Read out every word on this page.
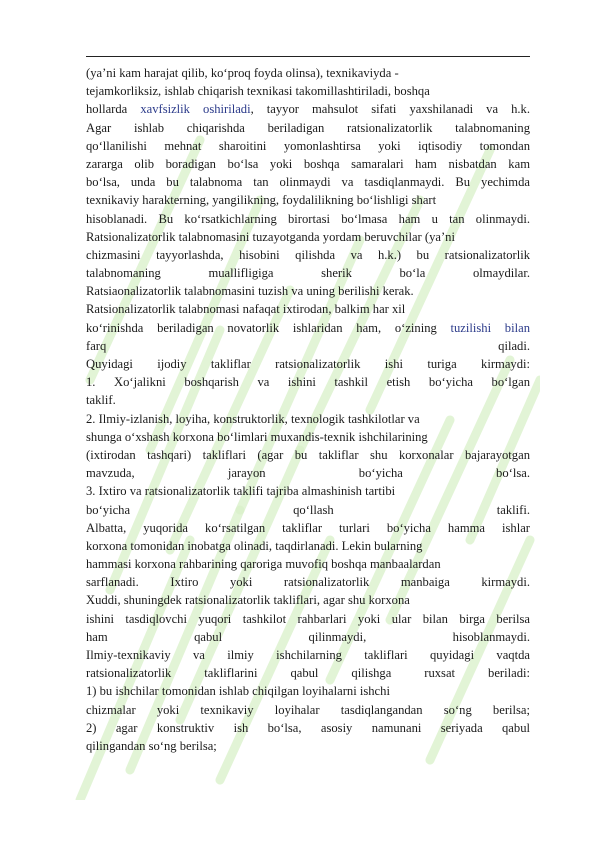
(ya’ni kam harajat qilib, ko‘proq foyda olinsa), texnikaviyda -
tejamkorliksiz, ishlab chiqarish texnikasi takomillashtiriladi, boshqa
hollarda xavfsizlik oshiriladi, tayyor mahsulot sifati yaxshilanadi va h.k.
Agar ishlab chiqarishda beriladigan ratsionalizatorlik talabnomaning
qo‘llanilishi mehnat sharoitini yomonlashtirsa yoki iqtisodiy tomondan
zararga olib boradigan bo‘lsa yoki boshqa samaralari ham nisbatdan kam
bo‘lsa, unda bu talabnoma tan olinmaydi va tasdiqlanmaydi. Bu yechimda
texnikaviy harakterning, yangilikning, foydalilikning bo‘lishligi shart
hisoblanadi. Bu ko‘rsatkichlarning birortasi bo‘lmasa ham u tan olinmaydi.
Ratsionalizatorlik talabnomasini tuzayotganda yordam beruvchilar (ya’ni
chizmasini tayyorlashda, hisobini qilishda va h.k.) bu ratsionalizatorlik
talabnomaning muallifligiga sherik bo‘la olmaydilar.
Ratsiaonalizatorlik talabnomasini tuzish va uning berilishi kerak.
Ratsionalizatorlik talabnomasi nafaqat ixtirodan, balkim har xil
ko‘rinishda beriladigan novatorlik ishlaridan ham, o‘zining tuzilishi bilan
farq qiladi.
Quyidagi ijodiy takliflar ratsionalizatorlik ishi turiga kirmaydi:
1. Xo‘jalikni boshqarish va ishini tashkil etish bo‘yicha bo‘lgan
taklif.
2. Ilmiy-izlanish, loyiha, konstruktorlik, texnologik tashkilotlar va
shunga o‘xshash korxona bo‘limlari muxandis-texnik ishchilarining
(ixtirodan tashqari) takliflari (agar bu takliflar shu korxonalar bajarayotgan
mavzuda, jarayon bo‘yicha bo‘lsa.
3. Ixtiro va ratsionalizatorlik taklifi tajriba almashinish tartibi
bo‘yicha qo‘llash taklifi.
Albatta, yuqorida ko‘rsatilgan takliflar turlari bo‘yicha hamma ishlar
korxona tomonidan inobatga olinadi, taqdirlanadi. Lekin bularning
hammasi korxona rahbarining qaroriga muvofiq boshqa manbaalardan
sarflanadi. Ixtiro yoki ratsionalizatorlik manbaiga kirmaydi.
Xuddi, shuningdek ratsionalizatorlik takliflari, agar shu korxona
ishini tasdiqlovchi yuqori tashkilot rahbarlari yoki ular bilan birga berilsa
ham qabul qilinmaydi, hisoblanmaydi.
Ilmiy-texnikaviy va ilmiy ishchilarning takliflari quyidagi vaqtda
ratsionalizatorlik takliflarini qabul qilishga ruxsat beriladi:
1) bu ishchilar tomonidan ishlab chiqilgan loyihalarni ishchi
chizmalar yoki texnikaviy loyihalar tasdiqlangandan so‘ng berilsa;
2) agar konstruktiv ish bo‘lsa, asosiy namunani seriyada qabul
qilingandan so‘ng berilsa;
